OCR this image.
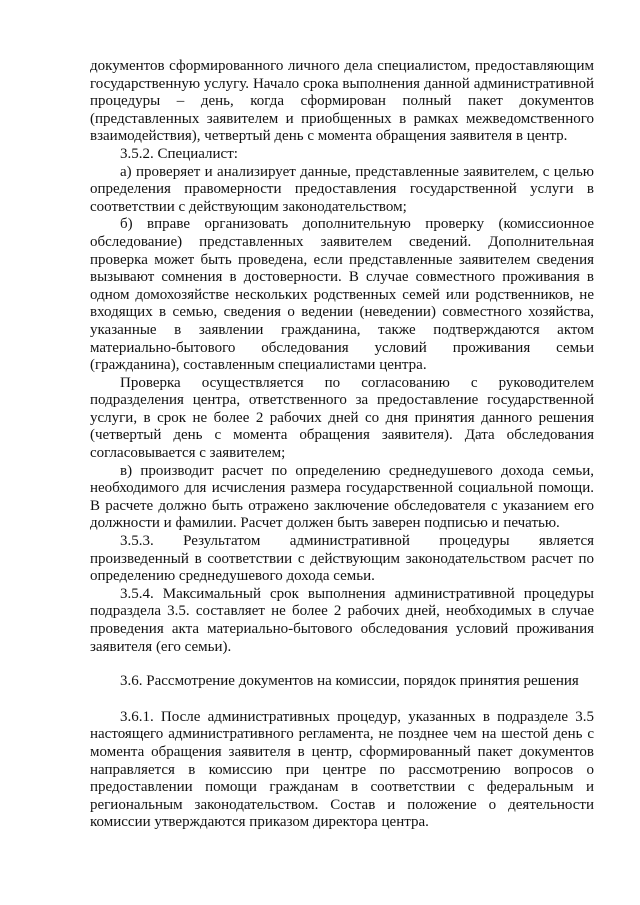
документов сформированного личного дела специалистом, предоставляющим государственную услугу. Начало срока выполнения данной административной процедуры – день, когда сформирован полный пакет документов (представленных заявителем и приобщенных в рамках межведомственного взаимодействия), четвертый день с момента обращения заявителя в центр.

3.5.2. Специалист:

а) проверяет и анализирует данные, представленные заявителем, с целью определения правомерности предоставления государственной услуги в соответствии с действующим законодательством;

б) вправе организовать дополнительную проверку (комиссионное обследование) представленных заявителем сведений. Дополнительная проверка может быть проведена, если представленные заявителем сведения вызывают сомнения в достоверности. В случае совместного проживания в одном домохозяйстве нескольких родственных семей или родственников, не входящих в семью, сведения о ведении (неведении) совместного хозяйства, указанные в заявлении гражданина, также подтверждаются актом материально-бытового обследования условий проживания семьи (гражданина), составленным специалистами центра.

Проверка осуществляется по согласованию с руководителем подразделения центра, ответственного за предоставление государственной услуги, в срок не более 2 рабочих дней со дня принятия данного решения (четвертый день с момента обращения заявителя). Дата обследования согласовывается с заявителем;

в) производит расчет по определению среднедушевого дохода семьи, необходимого для исчисления размера государственной социальной помощи. В расчете должно быть отражено заключение обследователя с указанием его должности и фамилии. Расчет должен быть заверен подписью и печатью.

3.5.3. Результатом административной процедуры является произведенный в соответствии с действующим законодательством расчет по определению среднедушевого дохода семьи.

3.5.4. Максимальный срок выполнения административной процедуры подраздела 3.5. составляет не более 2 рабочих дней, необходимых в случае проведения акта материально-бытового обследования условий проживания заявителя (его семьи).

3.6. Рассмотрение документов на комиссии, порядок принятия решения

3.6.1. После административных процедур, указанных в подразделе 3.5 настоящего административного регламента, не позднее чем на шестой день с момента обращения заявителя в центр, сформированный пакет документов направляется в комиссию при центре по рассмотрению вопросов о предоставлении помощи гражданам в соответствии с федеральным и региональным законодательством. Состав и положение о деятельности комиссии утверждаются приказом директора центра.
